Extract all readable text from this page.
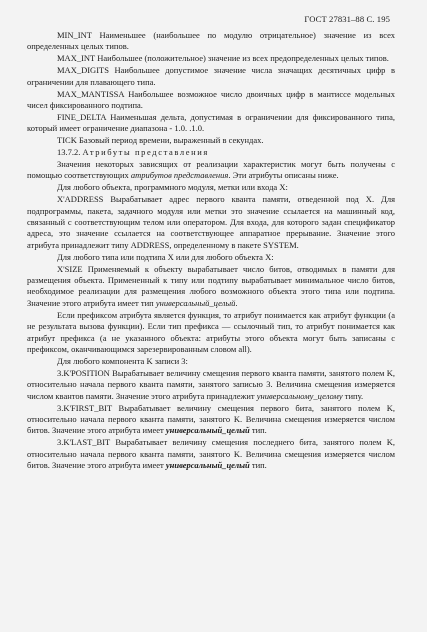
ГОСТ 27831–88 С. 195

MIN_INT Наименьшее (наибольшее по модулю отрицательное) значение из всех определенных целых типов.

MAX_INT Наибольшее (положительное) значение из всех предопределенных целых типов.

MAX_DIGITS Наибольшее допустимое значение числа значащих десятичных цифр в ограничении для плавающего типа.

MAX_MANTISSA Наибольшее возможное число двоичных цифр в мантиссе модельных чисел фиксированного подтипа.

FINE_DELTA Наименьшая дельта, допустимая в ограничении для фиксированного типа, который имеет ограничение диапазона - 1.0. .1.0.

TICK Базовый период времени, выраженный в секундах.

13.7.2. Атрибуты представления

Значения некоторых зависящих от реализации характеристик могут быть получены с помощью соответствующих атрибутов представления. Эти атрибуты описаны ниже.

Для любого объекта, программного модуля, метки или входа X:

X'ADDRESS Вырабатывает адрес первого кванта памяти, отведенной под X. Для подпрограммы, пакета, задачного модуля или метки это значение ссылается на машинный код, связанный с соответствующим телом или оператором. Для входа, для которого задан спецификатор адреса, это значение ссылается на соответствующее аппаратное прерывание. Значение этого атрибута принадлежит типу ADDRESS, определенному в пакете SYSTEM.

Для любого типа или подтипа X или для любого объекта X:

X'SIZE Применяемый к объекту вырабатывает число битов, отводимых в памяти для размещения объекта. Примененный к типу или подтипу вырабатывает минимальное число битов, необходимое реализации для размещения любого возможного объекта этого типа или подтипа. Значение этого атрибута имеет тип универсальный_целый.

Если префиксом атрибута является функция, то атрибут понимается как атрибут функции (а не результата вызова функции). Если тип префикса — ссылочный тип, то атрибут понимается как атрибут префикса (а не указанного объекта: атрибуты этого объекта могут быть записаны с префиксом, оканчивающимся зарезервированным словом all).

Для любого компонента K записи 3:

3.K'POSITION Вырабатывает величину смещения первого кванта памяти, занятого полем K, относительно начала первого кванта памяти, занятого записью 3. Величина смещения измеряется числом квантов памяти. Значение этого атрибута принадлежит универсальному_целому типу.

3.K'FIRST_BIT Вырабатывает величину смещения первого бита, занятого полем K, относительно начала первого кванта памяти, занятого K. Величина смещения измеряется числом битов. Значение этого атрибута имеет универсальный_целый тип.

3.K'LAST_BIT Вырабатывает величину смещения последнего бита, занятого полем K, относительно начала первого кванта памяти, занятого K. Величина смещения измеряется числом битов. Значение этого атрибута имеет универсальный_целый тип.
